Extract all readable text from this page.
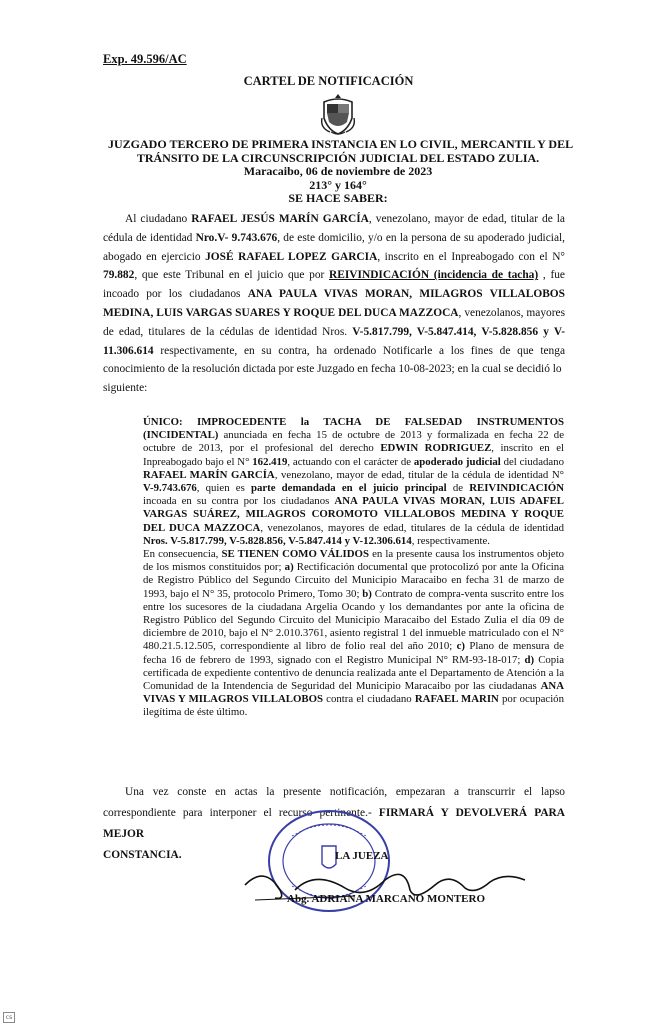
Exp. 49.596/AC
CARTEL DE NOTIFICACIÓN
JUZGADO TERCERO DE PRIMERA INSTANCIA EN LO CIVIL, MERCANTIL Y DEL
TRÁNSITO DE LA CIRCUNSCRIPCIÓN JUDICIAL DEL ESTADO ZULIA.
Maracaibo, 06 de noviembre de 2023
213° y 164°
SE HACE SABER:

Al ciudadano RAFAEL JESÚS MARÍN GARCÍA, venezolano, mayor de edad, titular de la cédula de identidad Nro.V- 9.743.676, de este domicilio, y/o en la persona de su apoderado judicial, abogado en ejercicio JOSÉ RAFAEL LOPEZ GARCIA, inscrito en el Inpreabogado con el N° 79.882, que este Tribunal en el juicio que por REIVINDICACIÓN (incidencia de tacha) , fue incoado por los ciudadanos ANA PAULA VIVAS MORAN, MILAGROS VILLALOBOS MEDINA, LUIS VARGAS SUARES Y ROQUE DEL DUCA MAZZOCA, venezolanos, mayores de edad, titulares de la cédulas de identidad Nros. V-5.817.799, V-5.847.414, V-5.828.856 y V-11.306.614 respectivamente, en su contra, ha ordenado Notificarle a los fines de que tenga conocimiento de la resolución dictada por este Juzgado en fecha 10-08-2023; en la cual se decidió lo

siguiente:

ÚNICO: IMPROCEDENTE la TACHA DE FALSEDAD INSTRUMENTOS (INCIDENTAL) anunciada en fecha 15 de octubre de 2013 y formalizada en fecha 22 de octubre de 2013, por el profesional del derecho EDWIN RODRIGUEZ, inscrito en el Inpreabogado bajo el N° 162.419, actuando con el carácter de apoderado judicial del ciudadano RAFAEL MARÍN GARCÍA, venezolano, mayor de edad, titular de la cédula de identidad N° V-9.743.676, quien es parte demandada en el juicio principal de REIVINDICACIÓN incoada en su contra por los ciudadanos ANA PAULA VIVAS MORAN, LUIS ADAFEL VARGAS SUÁREZ, MILAGROS COROMOTO VILLALOBOS MEDINA Y ROQUE DEL DUCA MAZZOCA, venezolanos, mayores de edad, titulares de la cédula de identidad Nros. V-5.817.799, V-5.828.856, V-5.847.414 y V-12.306.614, respectivamente.

En consecuencia, SE TIENEN COMO VÁLIDOS en la presente causa los instrumentos objeto de los mismos constituidos por; a) Rectificación documental que protocolizó por ante la Oficina de Registro Público del Segundo Circuito del Municipio Maracaibo en fecha 31 de marzo de 1993, bajo el N° 35, protocolo Primero, Tomo 30; b) Contrato de compra-venta suscrito entre los entre los sucesores de la ciudadana Argelia Ocando y los demandantes por ante la oficina de Registro Público del Segundo Circuito del Municipio Maracaibo del Estado Zulia el día 09 de diciembre de 2010, bajo el N° 2.010.3761, asiento registral 1 del inmueble matriculado con el N° 480.21.5.12.505, correspondiente al libro de folio real del año 2010; c) Plano de mensura de fecha 16 de febrero de 1993, signado con el Registro Municipal N° RM-93-18-017; d) Copia certificada de expediente contentivo de denuncia realizada ante el Departamento de Atención a la Comunidad de la Intendencia de Seguridad del Municipio Maracaibo por las ciudadanas ANA VIVAS Y MILAGROS VILLALOBOS contra el ciudadano RAFAEL MARIN por ocupación ilegítima de éste último.

Una vez conste en actas la presente notificación, empezaran a transcurrir el lapso correspondiente para interponer el recurso pertinente.- FIRMARÁ Y DEVOLVERÁ PARA MEJOR

CONSTANCIA.	LA JUEZA
Abg. ADRIANA MARCANO MONTERO
cs
